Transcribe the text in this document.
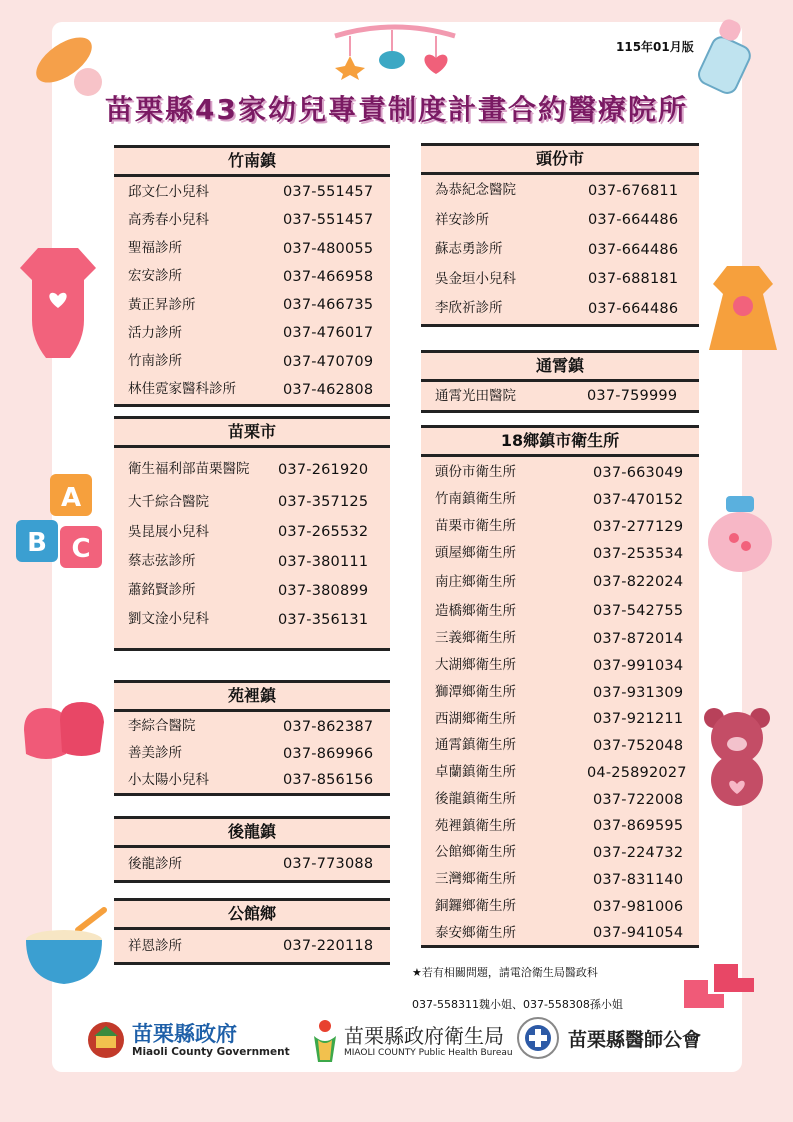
A
B C
115年01月版
苗栗縣43家幼兒專責制度計畫合約醫療院所
竹南鎮
邱文仁小兒科	037-551457
高秀春小兒科	037-551457
聖福診所	037-480055
宏安診所	037-466958
黃正昇診所	037-466735
活力診所	037-476017
竹南診所	037-470709
林佳霓家醫科診所	037-462808
苗栗市
衛生福利部苗栗醫院	037-261920
大千綜合醫院	037-357125
吳昆展小兒科	037-265532
蔡志弦診所	037-380111
蕭銘賢診所	037-380899
劉文淦小兒科	037-356131
苑裡鎮
李綜合醫院	037-862387
善美診所	037-869966
小太陽小兒科	037-856156
後龍鎮
後龍診所	037-773088
公館鄉
祥恩診所	037-220118
頭份市
為恭紀念醫院	037-676811
祥安診所	037-664486
蘇志勇診所	037-664486
吳金垣小兒科	037-688181
李欣祈診所	037-664486
通霄鎮
通霄光田醫院	037-759999
18鄉鎮市衛生所
頭份市衛生所	037-663049
竹南鎮衛生所	037-470152
苗栗市衛生所	037-277129
頭屋鄉衛生所	037-253534
南庄鄉衛生所	037-822024
造橋鄉衛生所	037-542755
三義鄉衛生所	037-872014
大湖鄉衛生所	037-991034
獅潭鄉衛生所	037-931309
西湖鄉衛生所	037-921211
通霄鎮衛生所	037-752048
卓蘭鎮衛生所	04-25892027
後龍鎮衛生所	037-722008
苑裡鎮衛生所	037-869595
公館鄉衛生所	037-224732
三灣鄉衛生所	037-831140
銅鑼鄉衛生所	037-981006
泰安鄉衛生所	037-941054
★若有相關問題，請電洽衛生局醫政科
037-558311魏小姐、037-558308孫小姐
苗栗縣政府
Miaoli County Government
苗栗縣政府衛生局
MIAOLI COUNTY Public Health Bureau
苗栗縣醫師公會
